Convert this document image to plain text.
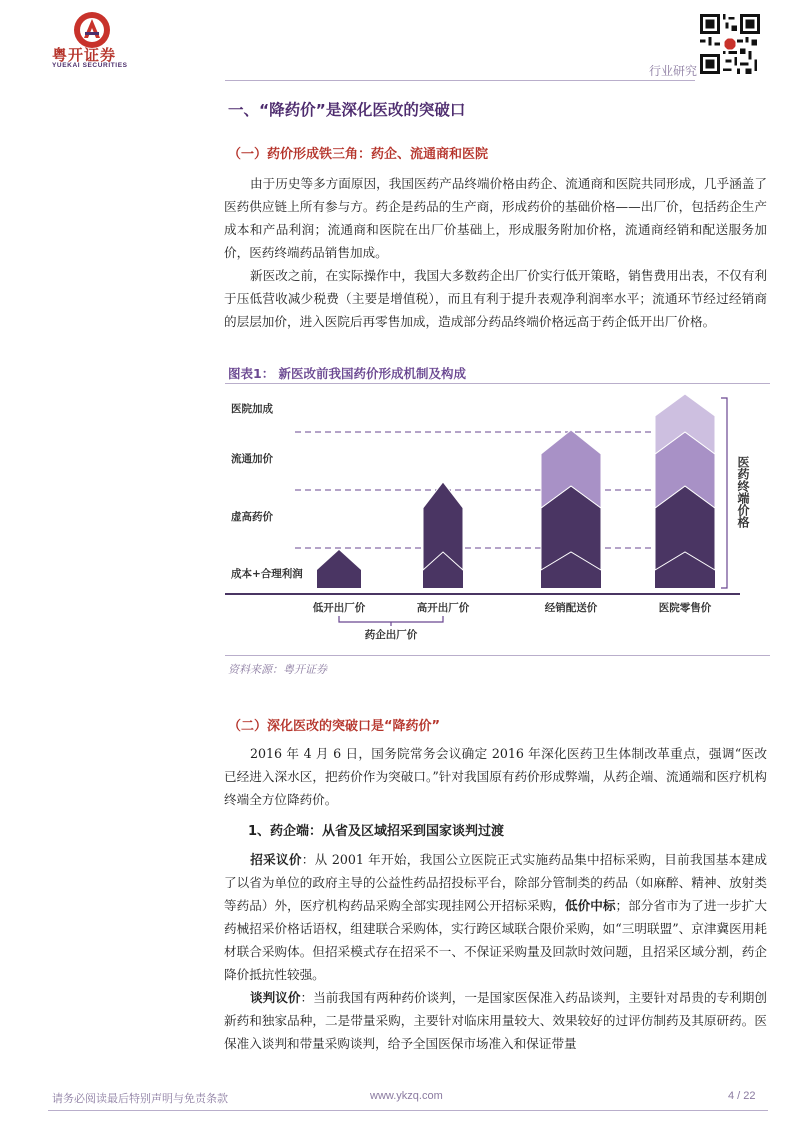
粤开证券
YUEKAI SECURITIES	行业研究
一、“降药价”是深化医改的突破口
（一）药价形成铁三角：药企、流通商和医院
由于历史等多方面原因，我国医药产品终端价格由药企、流通商和医院共同形成，几乎涵盖了医药供应链上所有参与方。药企是药品的生产商，形成药价的基础价格——出厂价，包括药企生产成本和产品利润；流通商和医院在出厂价基础上，形成服务附加价格，流通商经销和配送服务加价，医药终端药品销售加成。
新医改之前，在实际操作中，我国大多数药企出厂价实行低开策略，销售费用出表，不仅有利于压低营收减少税费（主要是增值税），而且有利于提升表观净利润率水平；流通环节经过经销商的层层加价，进入医院后再零售加成，造成部分药品终端价格远高于药企低开出厂价格。
图表1： 新医改前我国药价形成机制及构成
医院加成
流通加价
虚高药价
成本+合理利润
医药终端价格
低开出厂价	高开出厂价	经销配送价	医院零售价
药企出厂价
资料来源：粤开证券
（二）深化医改的突破口是“降药价”
2016 年 4 月 6 日，国务院常务会议确定 2016 年深化医药卫生体制改革重点，强调“医改已经进入深水区，把药价作为突破口。”针对我国原有药价形成弊端，从药企端、流通端和医疗机构终端全方位降药价。
1、药企端：从省及区域招采到国家谈判过渡
招采议价：从 2001 年开始，我国公立医院正式实施药品集中招标采购，目前我国基本建成了以省为单位的政府主导的公益性药品招投标平台，除部分管制类的药品（如麻醉、精神、放射类等药品）外，医疗机构药品采购全部实现挂网公开招标采购，低价中标；部分省市为了进一步扩大药械招采价格话语权，组建联合采购体，实行跨区域联合限价采购，如“三明联盟”、京津冀医用耗材联合采购体。但招采模式存在招采不一、不保证采购量及回款时效问题，且招采区域分割，药企降价抵抗性较强。
谈判议价：当前我国有两种药价谈判，一是国家医保准入药品谈判，主要针对昂贵的专利期创新药和独家品种，二是带量采购，主要针对临床用量较大、效果较好的过评仿制药及其原研药。医保准入谈判和带量采购谈判，给予全国医保市场准入和保证带量
请务必阅读最后特别声明与免责条款	www.ykzq.com	4 / 22
